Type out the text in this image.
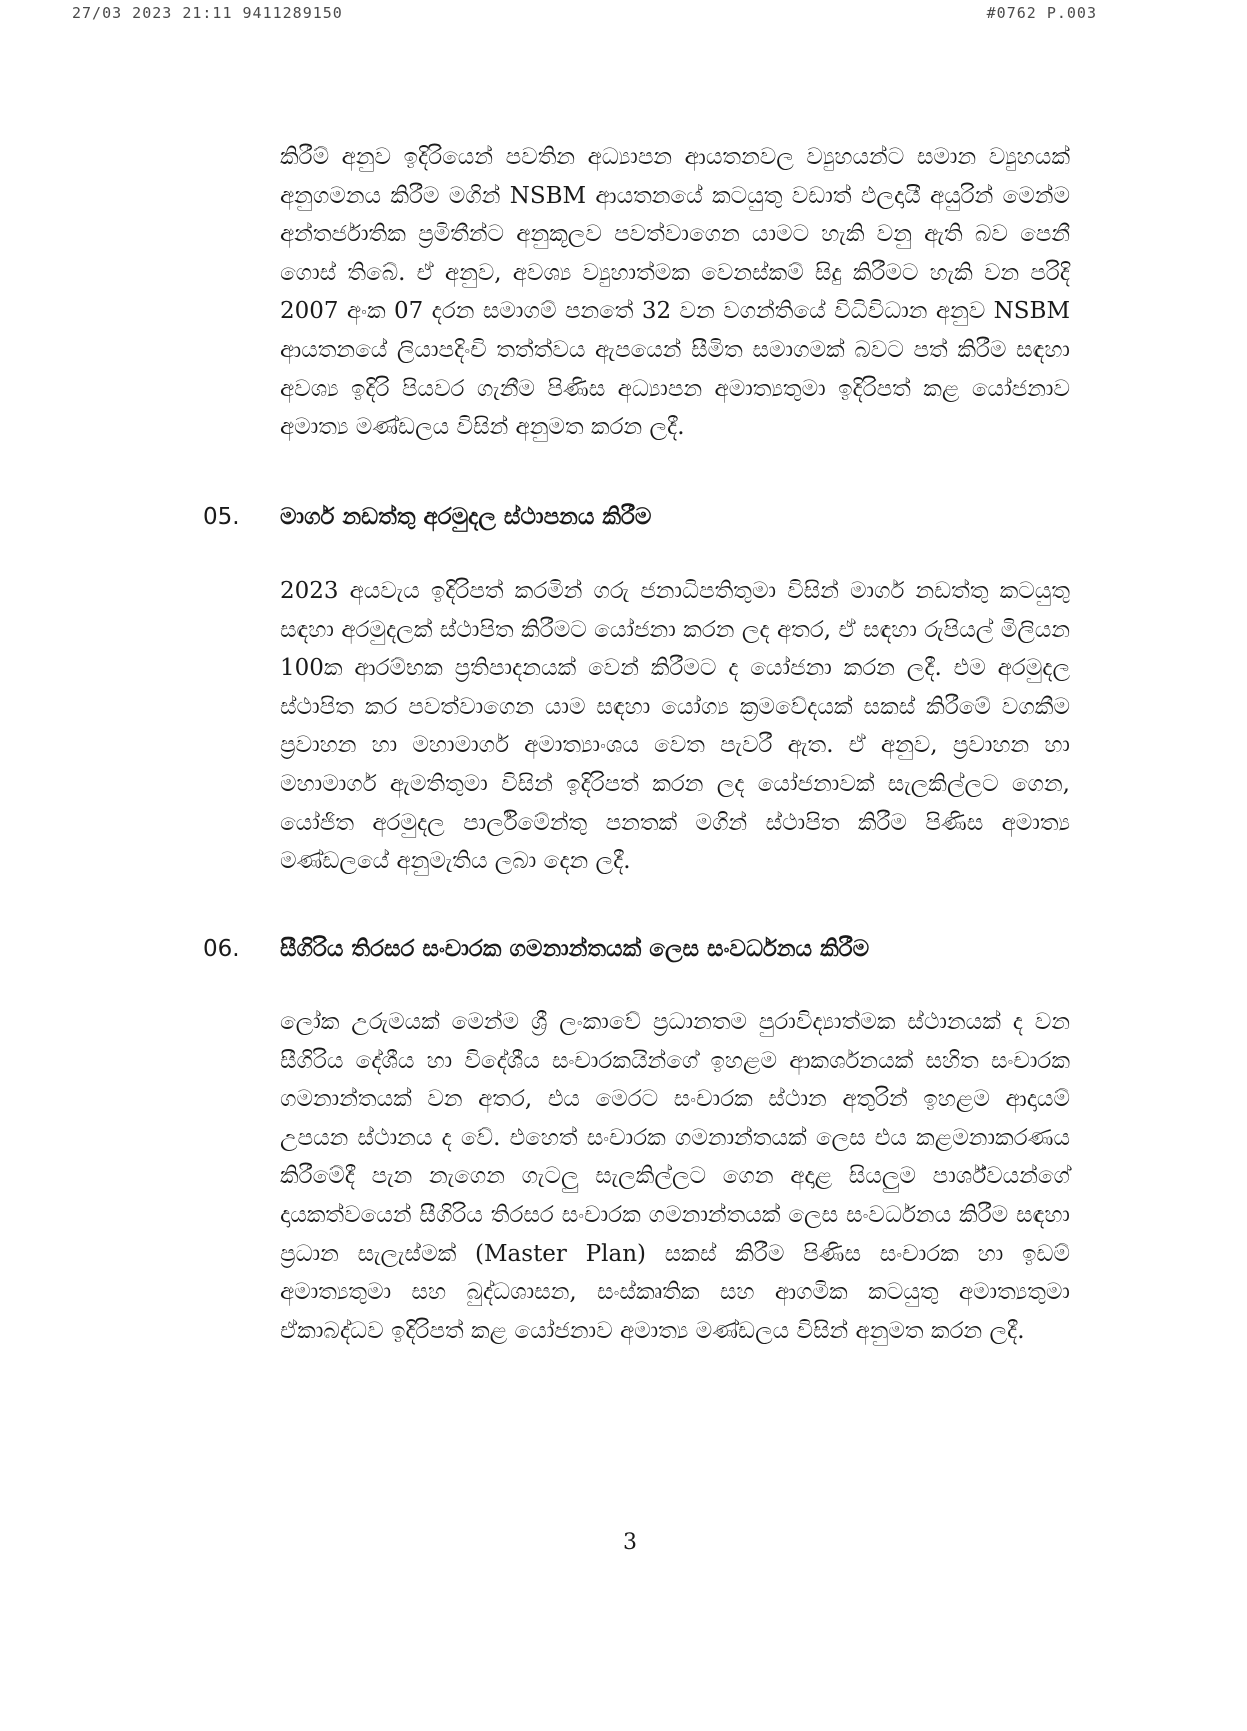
27/03 2023 21:11 9411289150	#0762 P.003

කිරීම් අනුව ඉදිරියෙන් පවතින අධ්‍යාපන ආයතනවල ව්‍යුහයන්ට සමාන ව්‍යුහයක් අනුගමනය කිරීම මගින් NSBM ආයතනයේ කටයුතු වඩාත් ඵලදායී අයුරින් මෙන්ම අන්තර්ජාතික ප්‍රමිතීන්ට අනුකූලව පවත්වාගෙන යාමට හැකි වනු ඇති බව පෙනී ගොස් තිබේ. ඒ අනුව, අවශ්‍ය ව්‍යුහාත්මක වෙනස්කම් සිදු කිරීමට හැකි වන පරිදි 2007 අංක 07 දරන සමාගම් පනතේ 32 වන වගන්තියේ විධිවිධාන අනුව NSBM ආයතනයේ ලියාපදිංචි තත්ත්වය ඇපයෙන් සීමිත සමාගමක් බවට පත් කිරීම සඳහා අවශ්‍ය ඉදිරි පියවර ගැනීම පිණිස අධ්‍යාපන අමාත්‍යතුමා ඉදිරිපත් කළ යෝජනාව අමාත්‍ය මණ්ඩලය විසින් අනුමත කරන ලදී.

05. මාර්ග නඩත්තු අරමුදල ස්ථාපනය කිරීම

2023 අයවැය ඉදිරිපත් කරමින් ගරු ජනාධිපතිතුමා විසින් මාර්ග නඩත්තු කටයුතු සඳහා අරමුදලක් ස්ථාපිත කිරීමට යෝජනා කරන ලද අතර, ඒ සඳහා රුපියල් මිලියන 100ක ආරම්භක ප්‍රතිපාදනයක් වෙන් කිරීමට ද යෝජනා කරන ලදී. එම අරමුදල ස්ථාපිත කර පවත්වාගෙන යාම සඳහා යෝග්‍ය ක්‍රමවේදයක් සකස් කිරීමේ වගකීම ප්‍රවාහන හා මහාමාර්ග අමාත්‍යාංශය වෙත පැවරී ඇත. ඒ අනුව, ප්‍රවාහන හා මහාමාර්ග ඇමතිතුමා විසින් ඉදිරිපත් කරන ලද යෝජනාවක් සැලකිල්ලට ගෙන, යෝජිත අරමුදල පාර්ලිමේන්තු පනතක් මගින් ස්ථාපිත කිරීම පිණිස අමාත්‍ය මණ්ඩලයේ අනුමැතිය ලබා දෙන ලදී.

06. සීගිරිය තිරසර සංචාරක ගමනාන්තයක් ලෙස සංවර්ධනය කිරීම

ලෝක උරුමයක් මෙන්ම ශ්‍රී ලංකාවේ ප්‍රධානතම පුරාවිද්‍යාත්මක ස්ථානයක් ද වන සීගිරිය දේශීය හා විදේශීය සංචාරකයින්ගේ ඉහළම ආකර්ශනයක් සහිත සංචාරක ගමනාන්තයක් වන අතර, එය මෙරට සංචාරක ස්ථාන අතුරින් ඉහළම ආදායම් උපයන ස්ථානය ද වේ. එහෙත් සංචාරක ගමනාන්තයක් ලෙස එය කළමනාකරණය කිරීමේදී පැන නැගෙන ගැටලු සැලකිල්ලට ගෙන අදාළ සියලුම පාර්ශ්වයන්ගේ දායකත්වයෙන් සීගිරිය තිරසර සංචාරක ගමනාන්තයක් ලෙස සංවර්ධනය කිරීම සඳහා ප්‍රධාන සැලැස්මක් (Master Plan) සකස් කිරීම පිණිස සංචාරක හා ඉඩම් අමාත්‍යතුමා සහ බුද්ධශාසන, සංස්කෘතික සහ ආගමික කටයුතු අමාත්‍යතුමා ඒකාබද්ධව ඉදිරිපත් කළ යෝජනාව අමාත්‍ය මණ්ඩලය විසින් අනුමත කරන ලදී.

3
